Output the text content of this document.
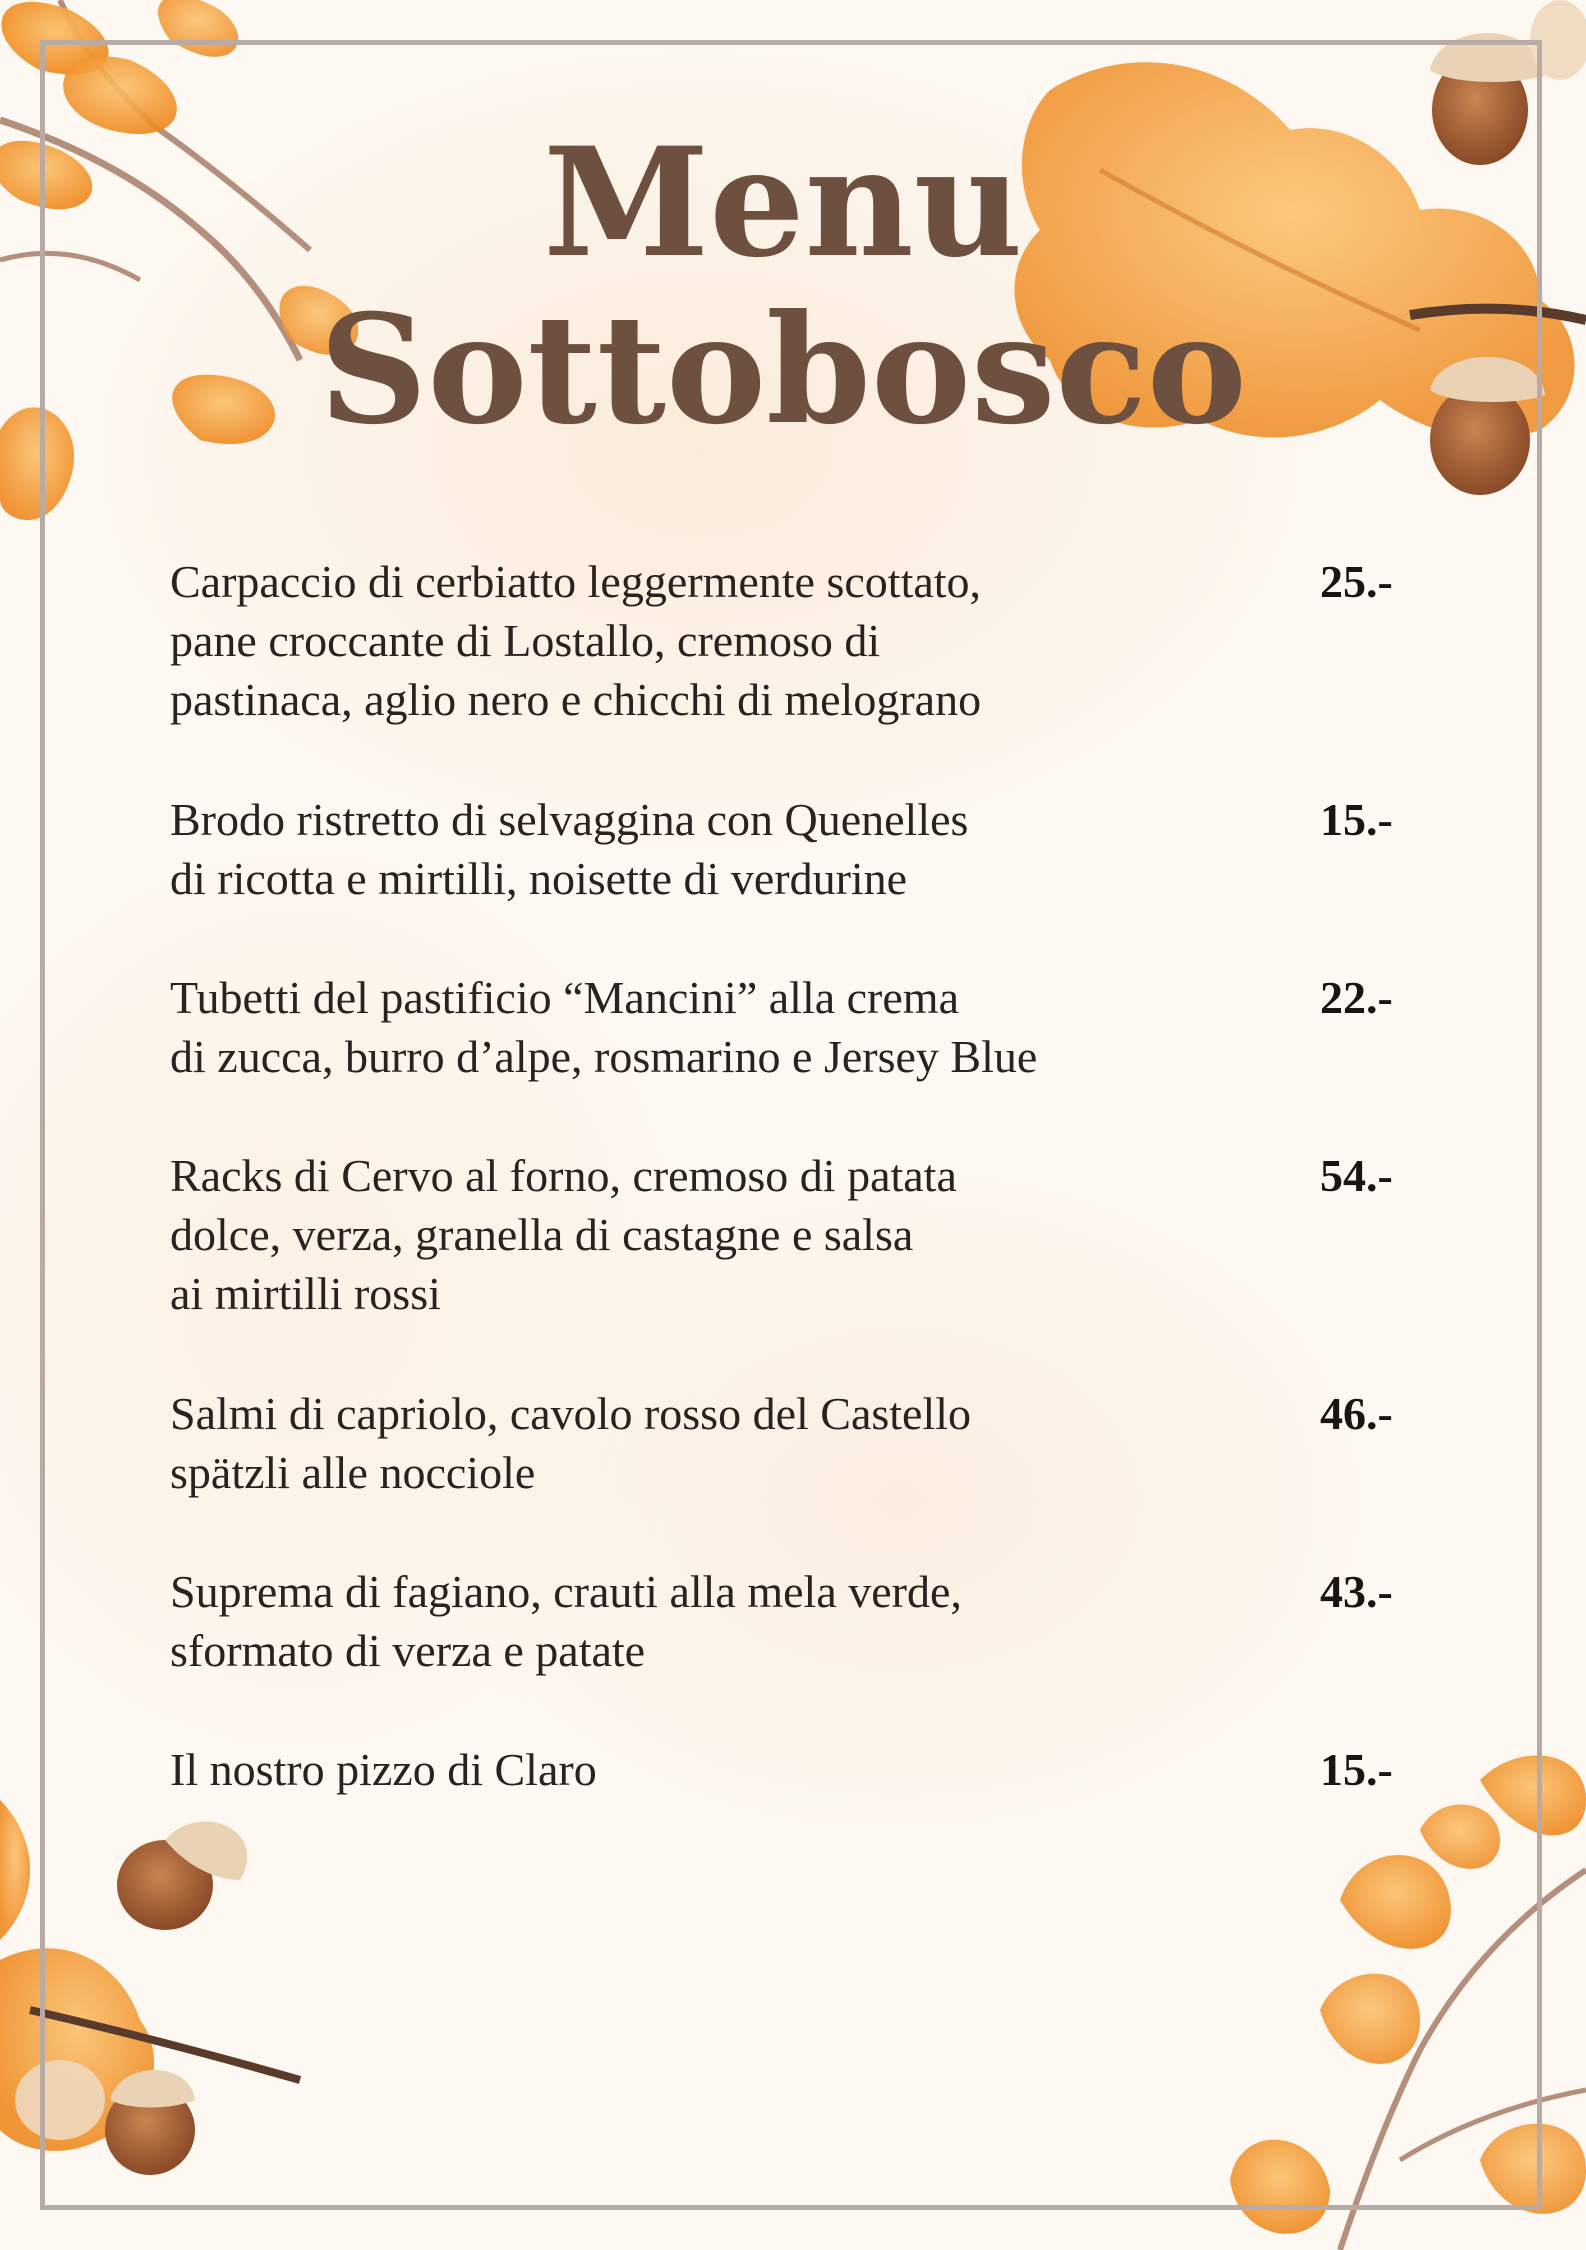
Menu
Sottobosco

Carpaccio di cerbiatto leggermente scottato,
pane croccante di Lostallo, cremoso di
pastinaca, aglio nero e chicchi di melograno

25.-

Brodo ristretto di selvaggina con Quenelles
di ricotta e mirtilli, noisette di verdurine

15.-

Tubetti del pastificio “Mancini” alla crema
di zucca, burro d’alpe, rosmarino e Jersey Blue

22.-

Racks di Cervo al forno, cremoso di patata
dolce, verza, granella di castagne e salsa
ai mirtilli rossi

54.-

Salmi di capriolo, cavolo rosso del Castello
spätzli alle nocciole

46.-

Suprema di fagiano, crauti alla mela verde,
sformato di verza e patate

43.-

Il nostro pizzo di Claro	15.-
